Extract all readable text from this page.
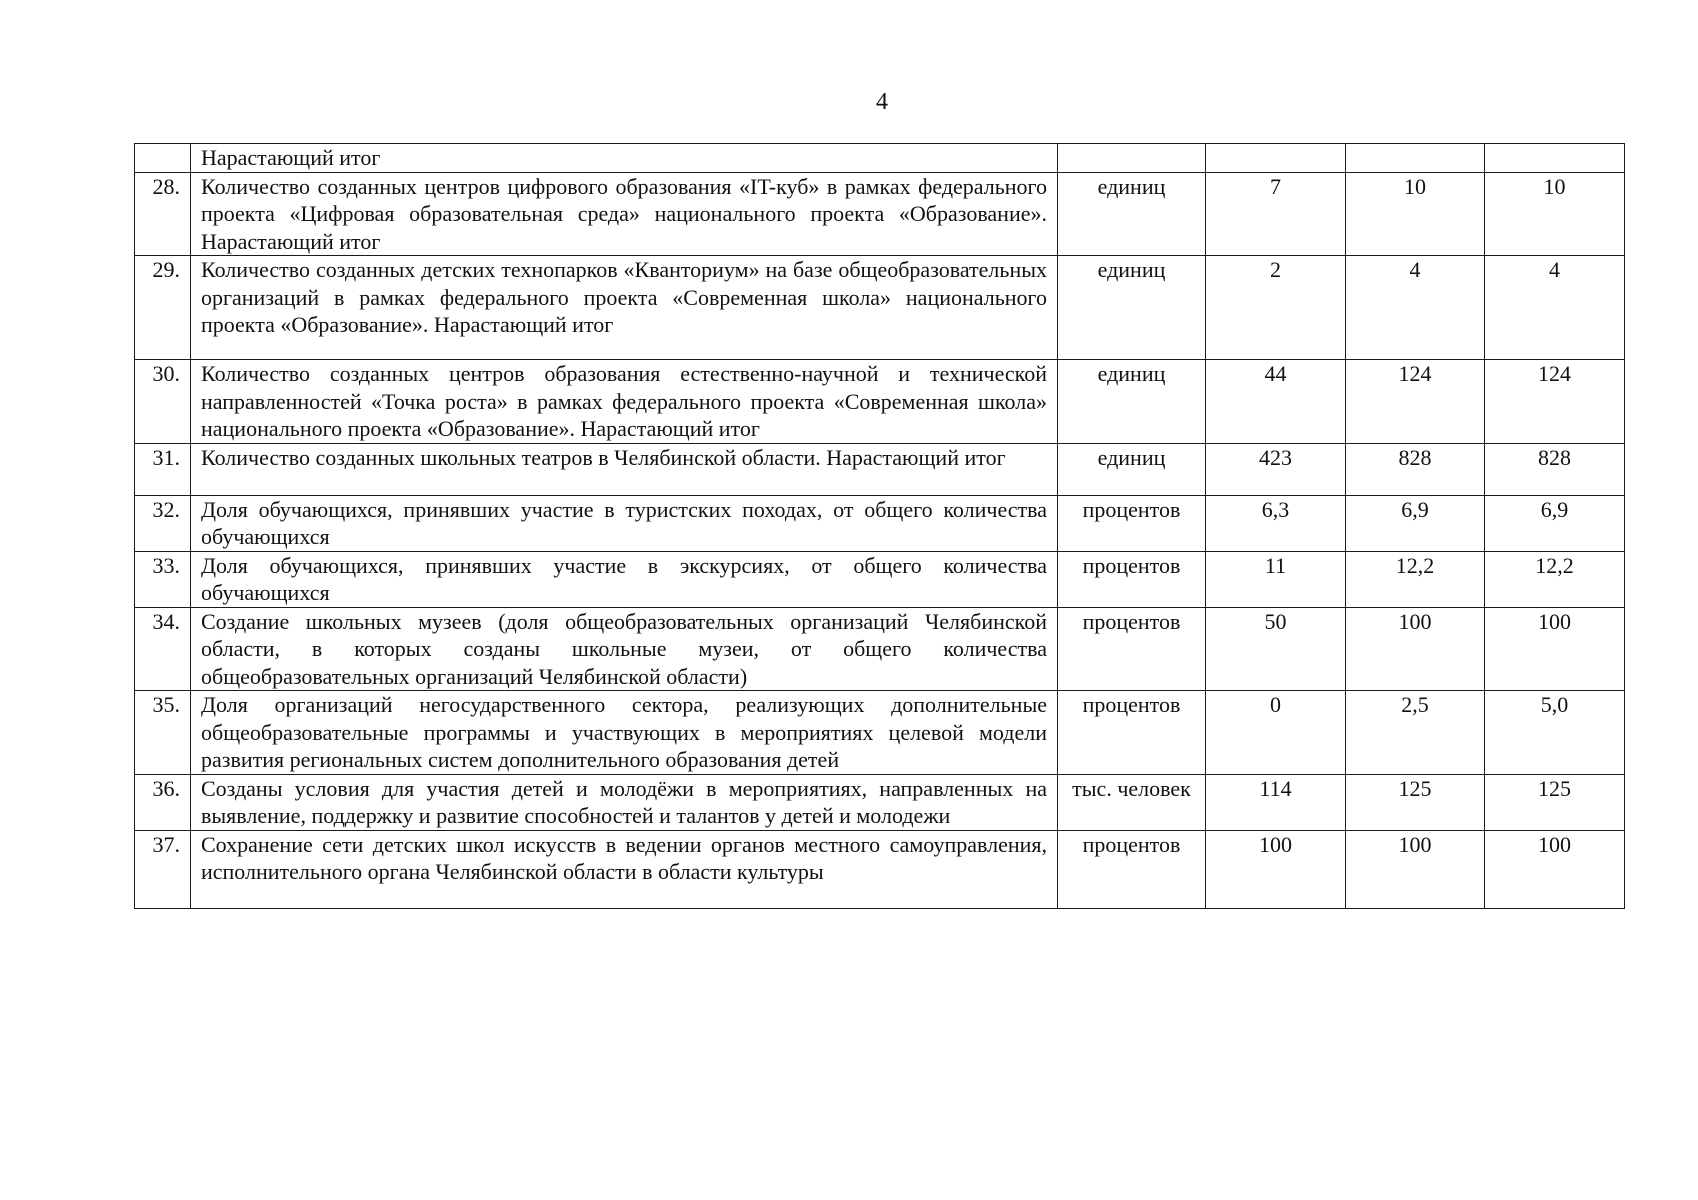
4
	Нарастающий итог				
28.	Количество созданных центров цифрового образования «IT-куб» в рамках федерального проекта «Цифровая образовательная среда» национального проекта «Образование». Нарастающий итог	единиц	7	10	10
29.	Количество созданных детских технопарков «Кванториум» на базе общеобразовательных организаций в рамках федерального проекта «Современная школа» национального проекта «Образование». Нарастающий итог	единиц	2	4	4
30.	Количество созданных центров образования естественно-научной и технической направленностей «Точка роста» в рамках федерального проекта «Современная школа» национального проекта «Образование». Нарастающий итог	единиц	44	124	124
31.	Количество созданных школьных театров в Челябинской области. Нарастающий итог	единиц	423	828	828
32.	Доля обучающихся, принявших участие в туристских походах, от общего количества обучающихся	процентов	6,3	6,9	6,9
33.	Доля обучающихся, принявших участие в экскурсиях, от общего количества обучающихся	процентов	11	12,2	12,2
34.	Создание школьных музеев (доля общеобразовательных организаций Челябинской области, в которых созданы школьные музеи, от общего количества общеобразовательных организаций Челябинской области)	процентов	50	100	100
35.	Доля организаций негосударственного сектора, реализующих дополнительные общеобразовательные программы и участвующих в мероприятиях целевой модели развития региональных систем дополнительного образования детей	процентов	0	2,5	5,0
36.	Созданы условия для участия детей и молодёжи в мероприятиях, направленных на выявление, поддержку и развитие способностей и талантов у детей и молодежи	тыс. человек	114	125	125
37.	Сохранение сети детских школ искусств в ведении органов местного самоуправления, исполнительного органа Челябинской области в области культуры	процентов	100	100	100
